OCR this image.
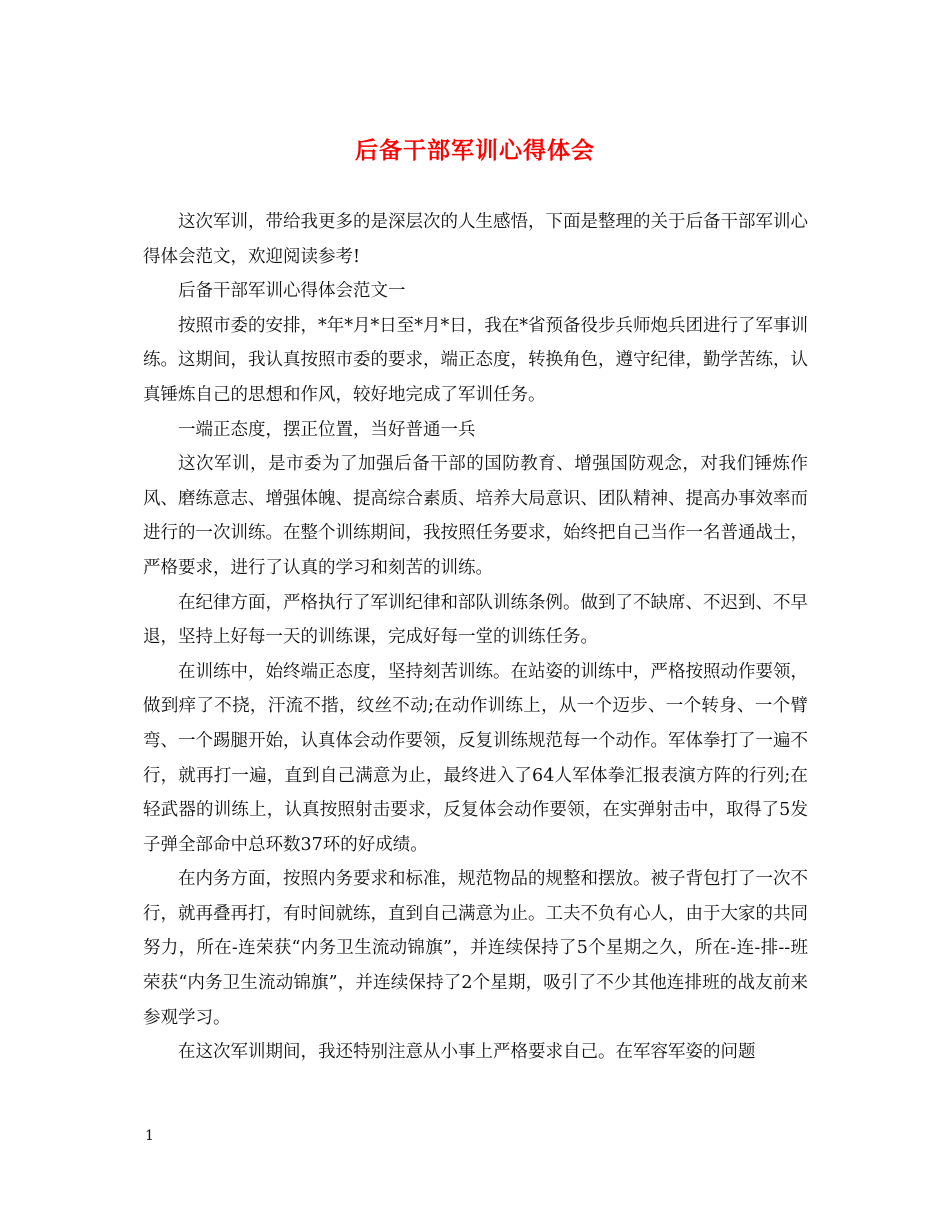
后备干部军训心得体会

这次军训，带给我更多的是深层次的人生感悟，下面是整理的关于后备干部军训心得体会范文，欢迎阅读参考!

后备干部军训心得体会范文一

按照市委的安排，*年*月*日至*月*日，我在*省预备役步兵师炮兵团进行了军事训练。这期间，我认真按照市委的要求，端正态度，转换角色，遵守纪律，勤学苦练，认真锤炼自己的思想和作风，较好地完成了军训任务。

一端正态度，摆正位置，当好普通一兵

这次军训，是市委为了加强后备干部的国防教育、增强国防观念，对我们锤炼作风、磨练意志、增强体魄、提高综合素质、培养大局意识、团队精神、提高办事效率而进行的一次训练。在整个训练期间，我按照任务要求，始终把自己当作一名普通战士，严格要求，进行了认真的学习和刻苦的训练。

在纪律方面，严格执行了军训纪律和部队训练条例。做到了不缺席、不迟到、不早退，坚持上好每一天的训练课，完成好每一堂的训练任务。

在训练中，始终端正态度，坚持刻苦训练。在站姿的训练中，严格按照动作要领，做到痒了不挠，汗流不揩，纹丝不动;在动作训练上，从一个迈步、一个转身、一个臂弯、一个踢腿开始，认真体会动作要领，反复训练规范每一个动作。军体拳打了一遍不行，就再打一遍，直到自己满意为止，最终进入了64人军体拳汇报表演方阵的行列;在轻武器的训练上，认真按照射击要求，反复体会动作要领，在实弹射击中，取得了5发子弹全部命中总环数37环的好成绩。

在内务方面，按照内务要求和标准，规范物品的规整和摆放。被子背包打了一次不行，就再叠再打，有时间就练，直到自己满意为止。工夫不负有心人，由于大家的共同努力，所在-连荣获“内务卫生流动锦旗”，并连续保持了5个星期之久，所在-连-排--班荣获“内务卫生流动锦旗”，并连续保持了2个星期，吸引了不少其他连排班的战友前来参观学习。

在这次军训期间，我还特别注意从小事上严格要求自己。在军容军姿的问题

1
